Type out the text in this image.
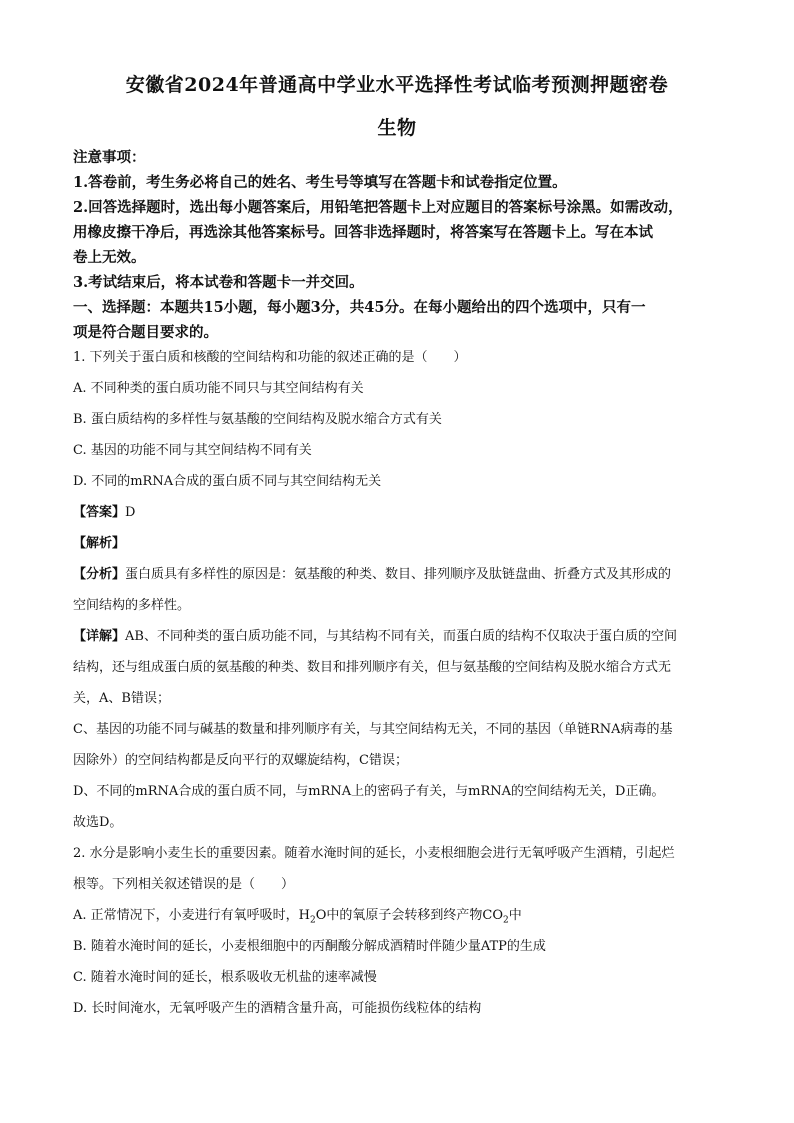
安徽省2024年普通高中学业水平选择性考试临考预测押题密卷
生物
注意事项：
1.答卷前，考生务必将自己的姓名、考生号等填写在答题卡和试卷指定位置。
2.回答选择题时，选出每小题答案后，用铅笔把答题卡上对应题目的答案标号涂黑。如需改动，
用橡皮擦干净后，再选涂其他答案标号。回答非选择题时，将答案写在答题卡上。写在本试
卷上无效。
3.考试结束后，将本试卷和答题卡一并交回。
一、选择题：本题共15小题，每小题3分，共45分。在每小题给出的四个选项中，只有一
项是符合题目要求的。
1. 下列关于蛋白质和核酸的空间结构和功能的叙述正确的是（　　）
A. 不同种类的蛋白质功能不同只与其空间结构有关
B. 蛋白质结构的多样性与氨基酸的空间结构及脱水缩合方式有关
C. 基因的功能不同与其空间结构不同有关
D. 不同的mRNA合成的蛋白质不同与其空间结构无关
【答案】D
【解析】
【分析】蛋白质具有多样性的原因是：氨基酸的种类、数目、排列顺序及肽链盘曲、折叠方式及其形成的
空间结构的多样性。
【详解】AB、不同种类的蛋白质功能不同，与其结构不同有关，而蛋白质的结构不仅取决于蛋白质的空间
结构，还与组成蛋白质的氨基酸的种类、数目和排列顺序有关，但与氨基酸的空间结构及脱水缩合方式无
关，A、B错误；
C、基因的功能不同与碱基的数量和排列顺序有关，与其空间结构无关，不同的基因（单链RNA病毒的基
因除外）的空间结构都是反向平行的双螺旋结构，C错误；
D、不同的mRNA合成的蛋白质不同，与mRNA上的密码子有关，与mRNA的空间结构无关，D正确。
故选D。
2. 水分是影响小麦生长的重要因素。随着水淹时间的延长，小麦根细胞会进行无氧呼吸产生酒精，引起烂
根等。下列相关叙述错误的是（　　）
A. 正常情况下，小麦进行有氧呼吸时，$H_2O$中的氧原子会转移到终产物$CO_2$中
B. 随着水淹时间的延长，小麦根细胞中的丙酮酸分解成酒精时伴随少量ATP的生成
C. 随着水淹时间的延长，根系吸收无机盐的速率减慢
D. 长时间淹水，无氧呼吸产生的酒精含量升高，可能损伤线粒体的结构
